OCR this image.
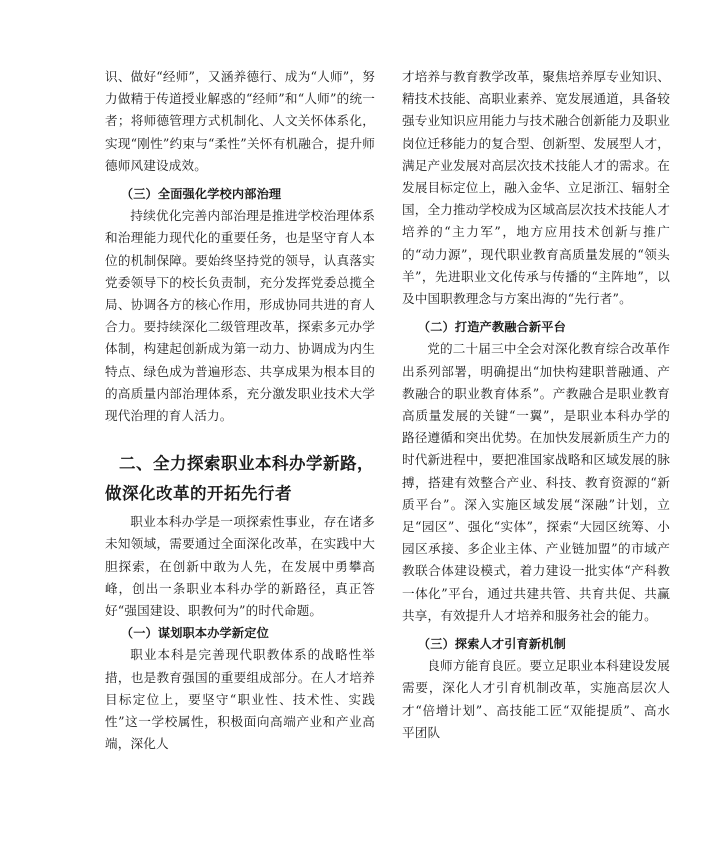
识、做好“经师”，又涵养德行、成为“人师”，努力做精于传道授业解惑的“经师”和“人师”的统一者；将师德管理方式机制化、人文关怀体系化，实现“刚性”约束与“柔性”关怀有机融合，提升师德师风建设成效。

（三）全面强化学校内部治理

持续优化完善内部治理是推进学校治理体系和治理能力现代化的重要任务，也是坚守育人本位的机制保障。要始终坚持党的领导，认真落实党委领导下的校长负责制，充分发挥党委总揽全局、协调各方的核心作用，形成协同共进的育人合力。要持续深化二级管理改革，探索多元办学体制，构建起创新成为第一动力、协调成为内生特点、绿色成为普遍形态、共享成果为根本目的的高质量内部治理体系，充分激发职业技术大学现代治理的育人活力。

二、全力探索职业本科办学新路，做深化改革的开拓先行者

职业本科办学是一项探索性事业，存在诸多未知领域，需要通过全面深化改革，在实践中大胆探索，在创新中敢为人先，在发展中勇攀高峰，创出一条职业本科办学的新路径，真正答好“强国建设、职教何为”的时代命题。

（一）谋划职本办学新定位

职业本科是完善现代职教体系的战略性举措，也是教育强国的重要组成部分。在人才培养目标定位上，要坚守“职业性、技术性、实践性”这一学校属性，积极面向高端产业和产业高端，深化人

才培养与教育教学改革，聚焦培养厚专业知识、精技术技能、高职业素养、宽发展通道，具备较强专业知识应用能力与技术融合创新能力及职业岗位迁移能力的复合型、创新型、发展型人才，满足产业发展对高层次技术技能人才的需求。在发展目标定位上，融入金华、立足浙江、辐射全国，全力推动学校成为区域高层次技术技能人才培养的“主力军”，地方应用技术创新与推广的“动力源”，现代职业教育高质量发展的“领头羊”，先进职业文化传承与传播的“主阵地”，以及中国职教理念与方案出海的“先行者”。

（二）打造产教融合新平台

党的二十届三中全会对深化教育综合改革作出系列部署，明确提出“加快构建职普融通、产教融合的职业教育体系”。产教融合是职业教育高质量发展的关键“一翼”，是职业本科办学的路径遵循和突出优势。在加快发展新质生产力的时代新进程中，要把准国家战略和区域发展的脉搏，搭建有效整合产业、科技、教育资源的“新质平台”。深入实施区域发展“深融”计划，立足“园区”、强化“实体”，探索“大园区统筹、小园区承接、多企业主体、产业链加盟”的市域产教联合体建设模式，着力建设一批实体“产科教一体化”平台，通过共建共管、共育共促、共赢共享，有效提升人才培养和服务社会的能力。

（三）探索人才引育新机制

良师方能育良匠。要立足职业本科建设发展需要，深化人才引育机制改革，实施高层次人才“倍增计划”、高技能工匠“双能提质”、高水平团队
